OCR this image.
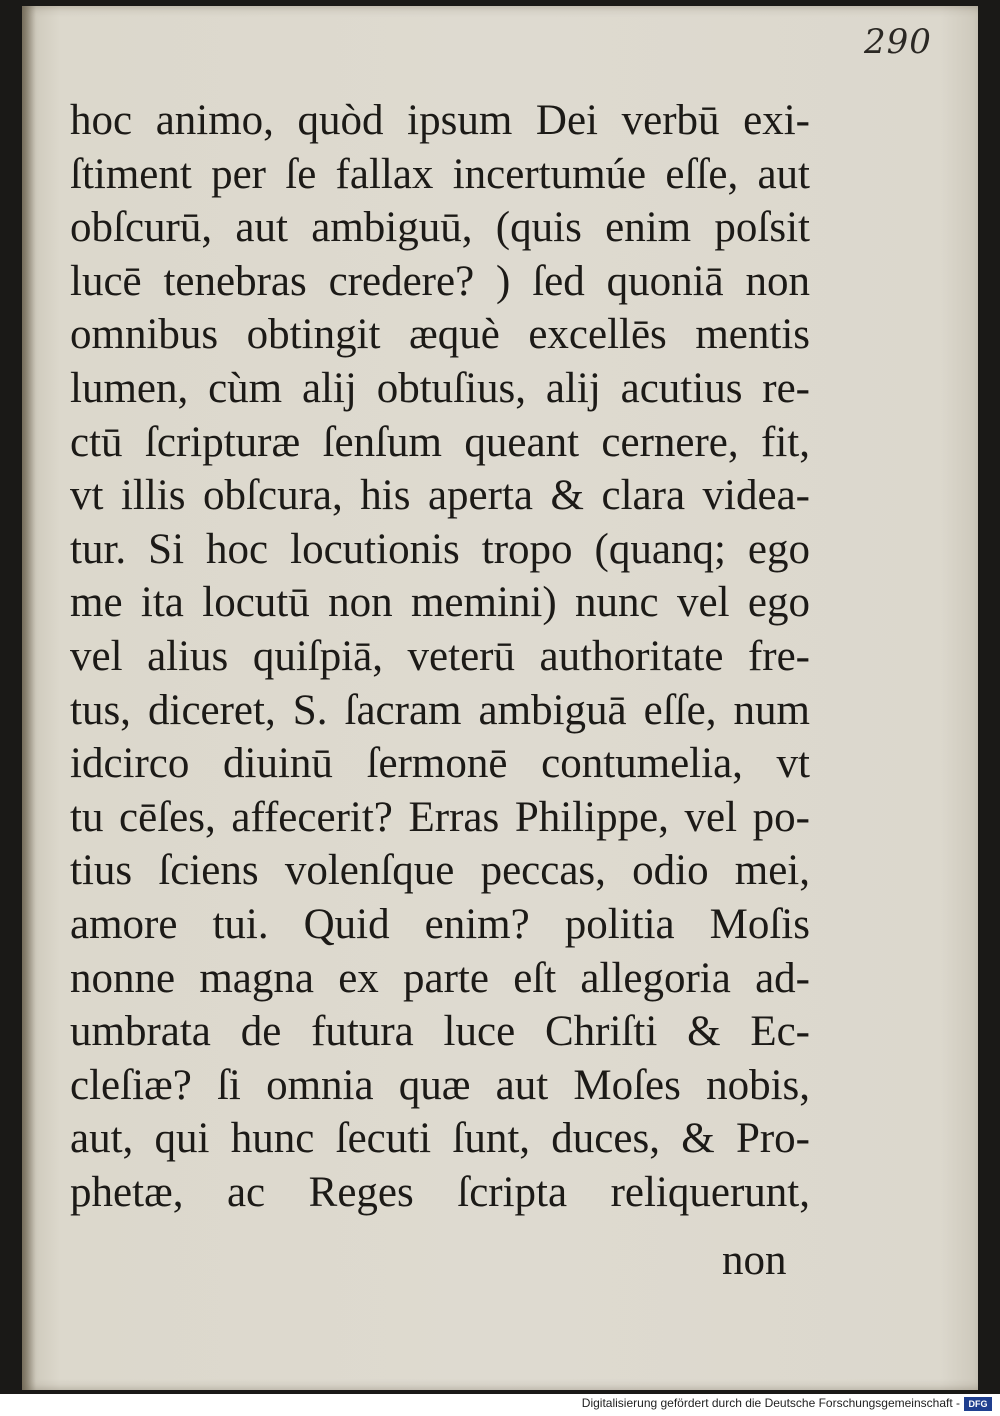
290
hoc animo, quòd ipsum Dei verbū exi-
ſtiment per ſe fallax incertumúe eſſe, aut
obſcurū, aut ambiguū, (quis enim poſsit
lucē tenebras credere? ) ſed quoniā non
omnibus obtingit æquè excellēs mentis
lumen, cùm alij obtuſius, alij acutius re-
ctū ſcripturæ ſenſum queant cernere, fit,
vt illis obſcura, his aperta & clara videa-
tur. Si hoc locutionis tropo (quanq; ego
me ita locutū non memini) nunc vel ego
vel alius quiſpiā, veterū authoritate fre-
tus, diceret, S. ſacram ambiguā eſſe, num
idcirco diuinū ſermonē contumelia, vt
tu cēſes, affecerit? Erras Philippe, vel po-
tius ſciens volenſque peccas, odio mei,
amore tui. Quid enim? politia Moſis
nonne magna ex parte eſt allegoria ad-
umbrata de futura luce Chriſti & Ec-
cleſiæ? ſi omnia quæ aut Moſes nobis,
aut, qui hunc ſecuti ſunt, duces, & Pro-
phetæ, ac Reges ſcripta reliquerunt,
non
Digitalisierung gefördert durch die Deutsche Forschungsgemeinschaft - DFG
